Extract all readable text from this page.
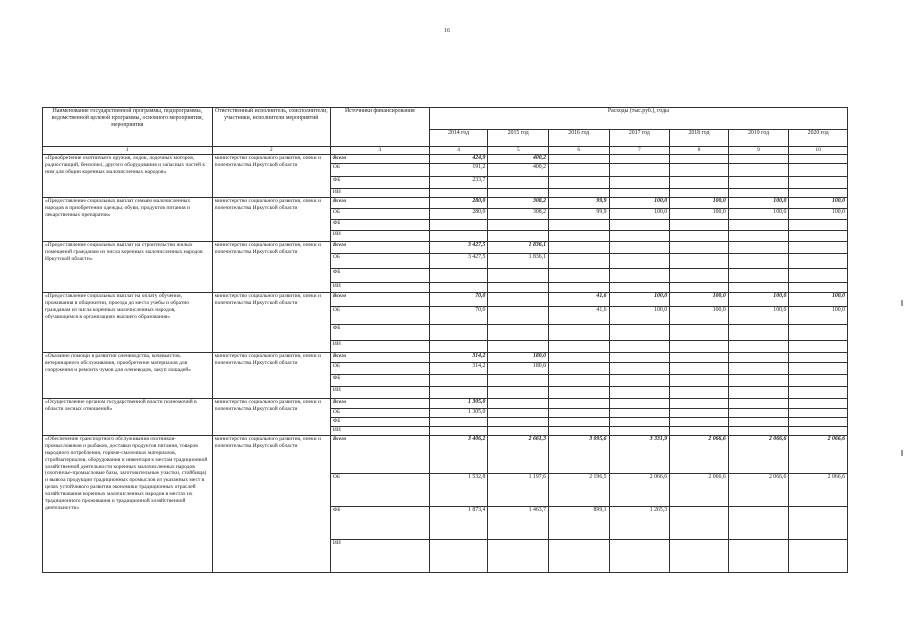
16
Наименование государственной программы, подпрограммы, ведомственной целевой программы, основного мероприятия, мероприятия	Ответственный исполнитель, соисполнители, участники, исполнители мероприятий	Источники финансирования	Расходы (тыс.руб.), годы						
			2014 год	2015 год	2016 год	2017 год	2018 год	2019 год	2020 год
1	2	3	4	5	6	7	8	9	10
«Приобретение охотничьего оружия, лодок, лодочных моторов, радиостанций, бензопил, другого оборудования и запасных частей к ним для общин коренных малочисленных народов»	министерство социального развития, опеки и попечительства Иркутской области	Всего	424,9	400,2					
		ОБ	191,2	400,2					
		ФБ	233,7						
		ИИ							
«Предоставление социальных выплат семьям малочисленных народов в приобретении одежды, обуви, продуктов питания и лекарственных препаратов»	министерство социального развития, опеки и попечительства Иркутской области	Всего	280,0	308,2	99,9	100,0	100,0	100,0	100,0
		ОБ	280,0	308,2	99,9	100,0	100,0	100,0	100,0
		ФБ							
		ИИ							
«Предоставление социальных выплат на строительство жилых помещений гражданам из числа коренных малочисленных народов Иркутской области»	министерство социального развития, опеки и попечительства Иркутской области	Всего	3 427,5	1 836,1					
		ОБ	3 427,5	1 836,1					
		ФБ							
		ИИ							
«Предоставление социальных выплат на оплату обучения, проживания в общежитии, проезда до места учебы и обратно гражданам из числа коренных малочисленных народов, обучающимся в организациях высшего образования»	министерство социального развития, опеки и попечительства Иркутской области	Всего	70,0		41,6	100,0	100,0	100,0	100,0
		ОБ	70,0		41,6	100,0	100,0	100,0	100,0
		ФБ							
		ИИ							
«Оказание помощи в развитии оленеводства, кочевьястов, ветеринарного обслуживания, приобретение материалов для сооружения и ремонта чумов для оленеводов, закуп лошадей»	министерство социального развития, опеки и попечительства Иркутской области	Всего	314,2	180,0					
		ОБ	314,2	180,0					
		ФБ							
		ИИ							
«Осуществление органом государственной власти полномочий в области лесных отношений»	министерство социального развития, опеки и попечительства Иркутской области	Всего	1 305,0						
		ОБ	1 305,0						
		ФБ							
		ИИ							
«Обеспечение транспортного обслуживания охотников-промысловиков и рыбаков, доставки продуктов питания, товаров народного потребления, горюче-смазочных материалов, стройматериалов, оборудования и инвентаря к местам традиционной хозяйственной деятельности коренных малочисленных народов (охотничье-промысловые базы, заготовительные участки, стойбища) и вывоза продукции традиционных промыслов из указанных мест в целях устойчивого развития экономики традиционных отраслей хозяйствования коренных малочисленных народов в местах их традиционного проживания и традиционной хозяйственной деятельности»	министерство социального развития, опеки и попечительства Иркутской области	Всего	3 406,2	2 661,3	3 095,6	3 331,9	2 066,6	2 066,6	2 066,6
		ОБ	1 532,8	1 197,6	2 196,5	2 066,6	2 066,6	2 066,6	2 066,6
		ФБ	1 873,4	1 463,7	899,1	1 265,3			
		ИИ							
